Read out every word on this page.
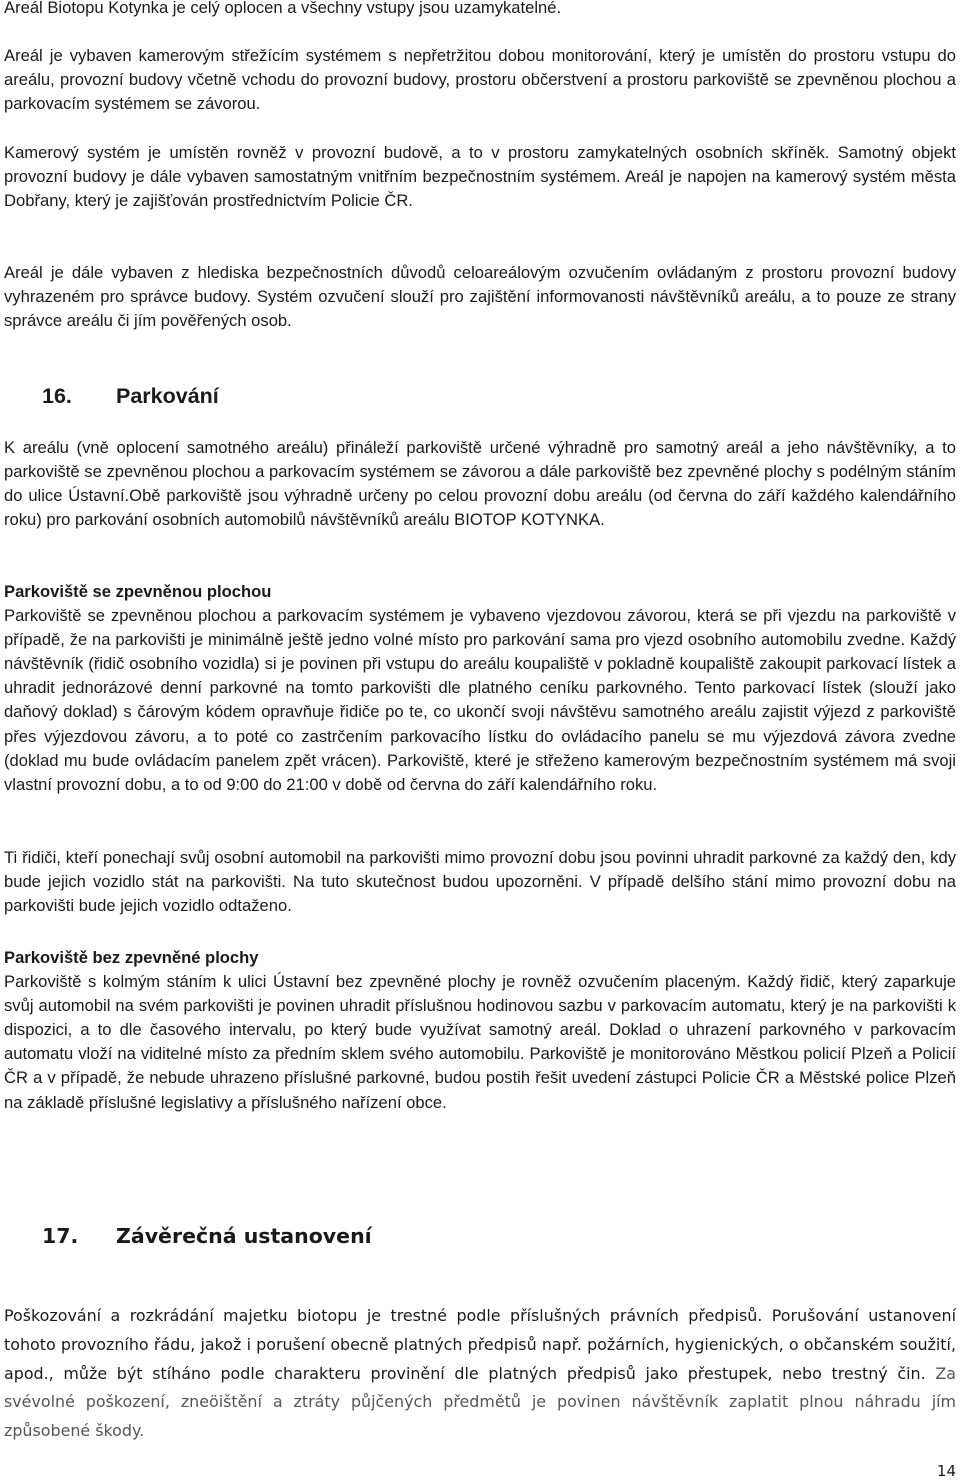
Areál Biotopu Kotynka je celý oplocen a všechny vstupy jsou uzamykatelné.

Areál je vybaven kamerovým střežícím systémem s nepřetržitou dobou monitorování, který je umístěn do prostoru vstupu do areálu, provozní budovy včetně vchodu do provozní budovy, prostoru občerstvení a prostoru parkoviště se zpevněnou plochou a parkovacím systémem se závorou.

Kamerový systém je umístěn rovněž v provozní budově, a to v prostoru zamykatelných osobních skříněk. Samotný objekt provozní budovy je dále vybaven samostatným vnitřním bezpečnostním systémem. Areál je napojen na kamerový systém města Dobřany, který je zajišťován prostřednictvím Policie ČR.

Areál je dále vybaven z hlediska bezpečnostních důvodů celoareálovým ozvučením ovládaným z prostoru provozní budovy vyhrazeném pro správce budovy. Systém ozvučení slouží pro zajištění informovanosti návštěvníků areálu, a to pouze ze strany správce areálu či jím pověřených osob.

16. Parkování

K areálu (vně oplocení samotného areálu) přináleží parkoviště určené výhradně pro samotný areál a jeho návštěvníky, a to parkoviště se zpevněnou plochou a parkovacím systémem se závorou a dále parkoviště bez zpevněné plochy s podélným stáním do ulice Ústavní.Obě parkoviště jsou výhradně určeny po celou provozní dobu areálu (od června do září každého kalendářního roku) pro parkování osobních automobilů návštěvníků areálu BIOTOP KOTYNKA.

Parkoviště se zpevněnou plochou
Parkoviště se zpevněnou plochou a parkovacím systémem je vybaveno vjezdovou závorou, která se při vjezdu na parkoviště v případě, že na parkovišti je minimálně ještě jedno volné místo pro parkování sama pro vjezd osobního automobilu zvedne. Každý návštěvník (řidič osobního vozidla) si je povinen při vstupu do areálu koupaliště v pokladně koupaliště zakoupit parkovací lístek a uhradit jednorázové denní parkovné na tomto parkovišti dle platného ceníku parkovného. Tento parkovací lístek (slouží jako daňový doklad) s čárovým kódem opravňuje řidiče po te, co ukončí svoji návštěvu samotného areálu zajistit výjezd z parkoviště přes výjezdovou závoru, a to poté co zastrčením parkovacího lístku do ovládacího panelu se mu výjezdová závora zvedne (doklad mu bude ovládacím panelem zpět vrácen). Parkoviště, které je střeženo kamerovým bezpečnostním systémem má svoji vlastní provozní dobu, a to od 9:00 do 21:00 v době od června do září kalendářního roku.

Ti řidiči, kteří ponechají svůj osobní automobil na parkovišti mimo provozní dobu jsou povinni uhradit parkovné za každý den, kdy bude jejich vozidlo stát na parkovišti. Na tuto skutečnost budou upozorněni. V případě delšího stání mimo provozní dobu na parkovišti bude jejich vozidlo odtaženo.

Parkoviště bez zpevněné plochy
Parkoviště s kolmým stáním k ulici Ústavní bez zpevněné plochy je rovněž ozvučením placeným. Každý řidič, který zaparkuje svůj automobil na svém parkovišti je povinen uhradit příslušnou hodinovou sazbu v parkovacím automatu, který je na parkovišti k dispozici, a to dle časového intervalu, po který bude využívat samotný areál. Doklad o uhrazení parkovného v parkovacím automatu vloží na viditelné místo za předním sklem svého automobilu. Parkoviště je monitorováno Městkou policií Plzeň a Policií ČR a v případě, že nebude uhrazeno příslušné parkovné, budou postih řešit uvedení zástupci Policie ČR a Městské police Plzeň na základě příslušné legislativy a příslušného nařízení obce.
17. Závěrečná ustanovení

Poškozování a rozkrádání majetku biotopu je trestné podle příslušných právních předpisů. Porušování ustanovení tohoto provozního řádu, jakož i porušení obecně platných předpisů např. požárních, hygienických, o občanském soužití, apod., může být stíháno podle charakteru provinění dle platných předpisů jako přestupek, nebo trestný čin. Za svévolné poškození, zneöištění a ztráty půjčených předmětů je povinen návštěvník zaplatit plnou náhradu jím způsobené škody.

14
